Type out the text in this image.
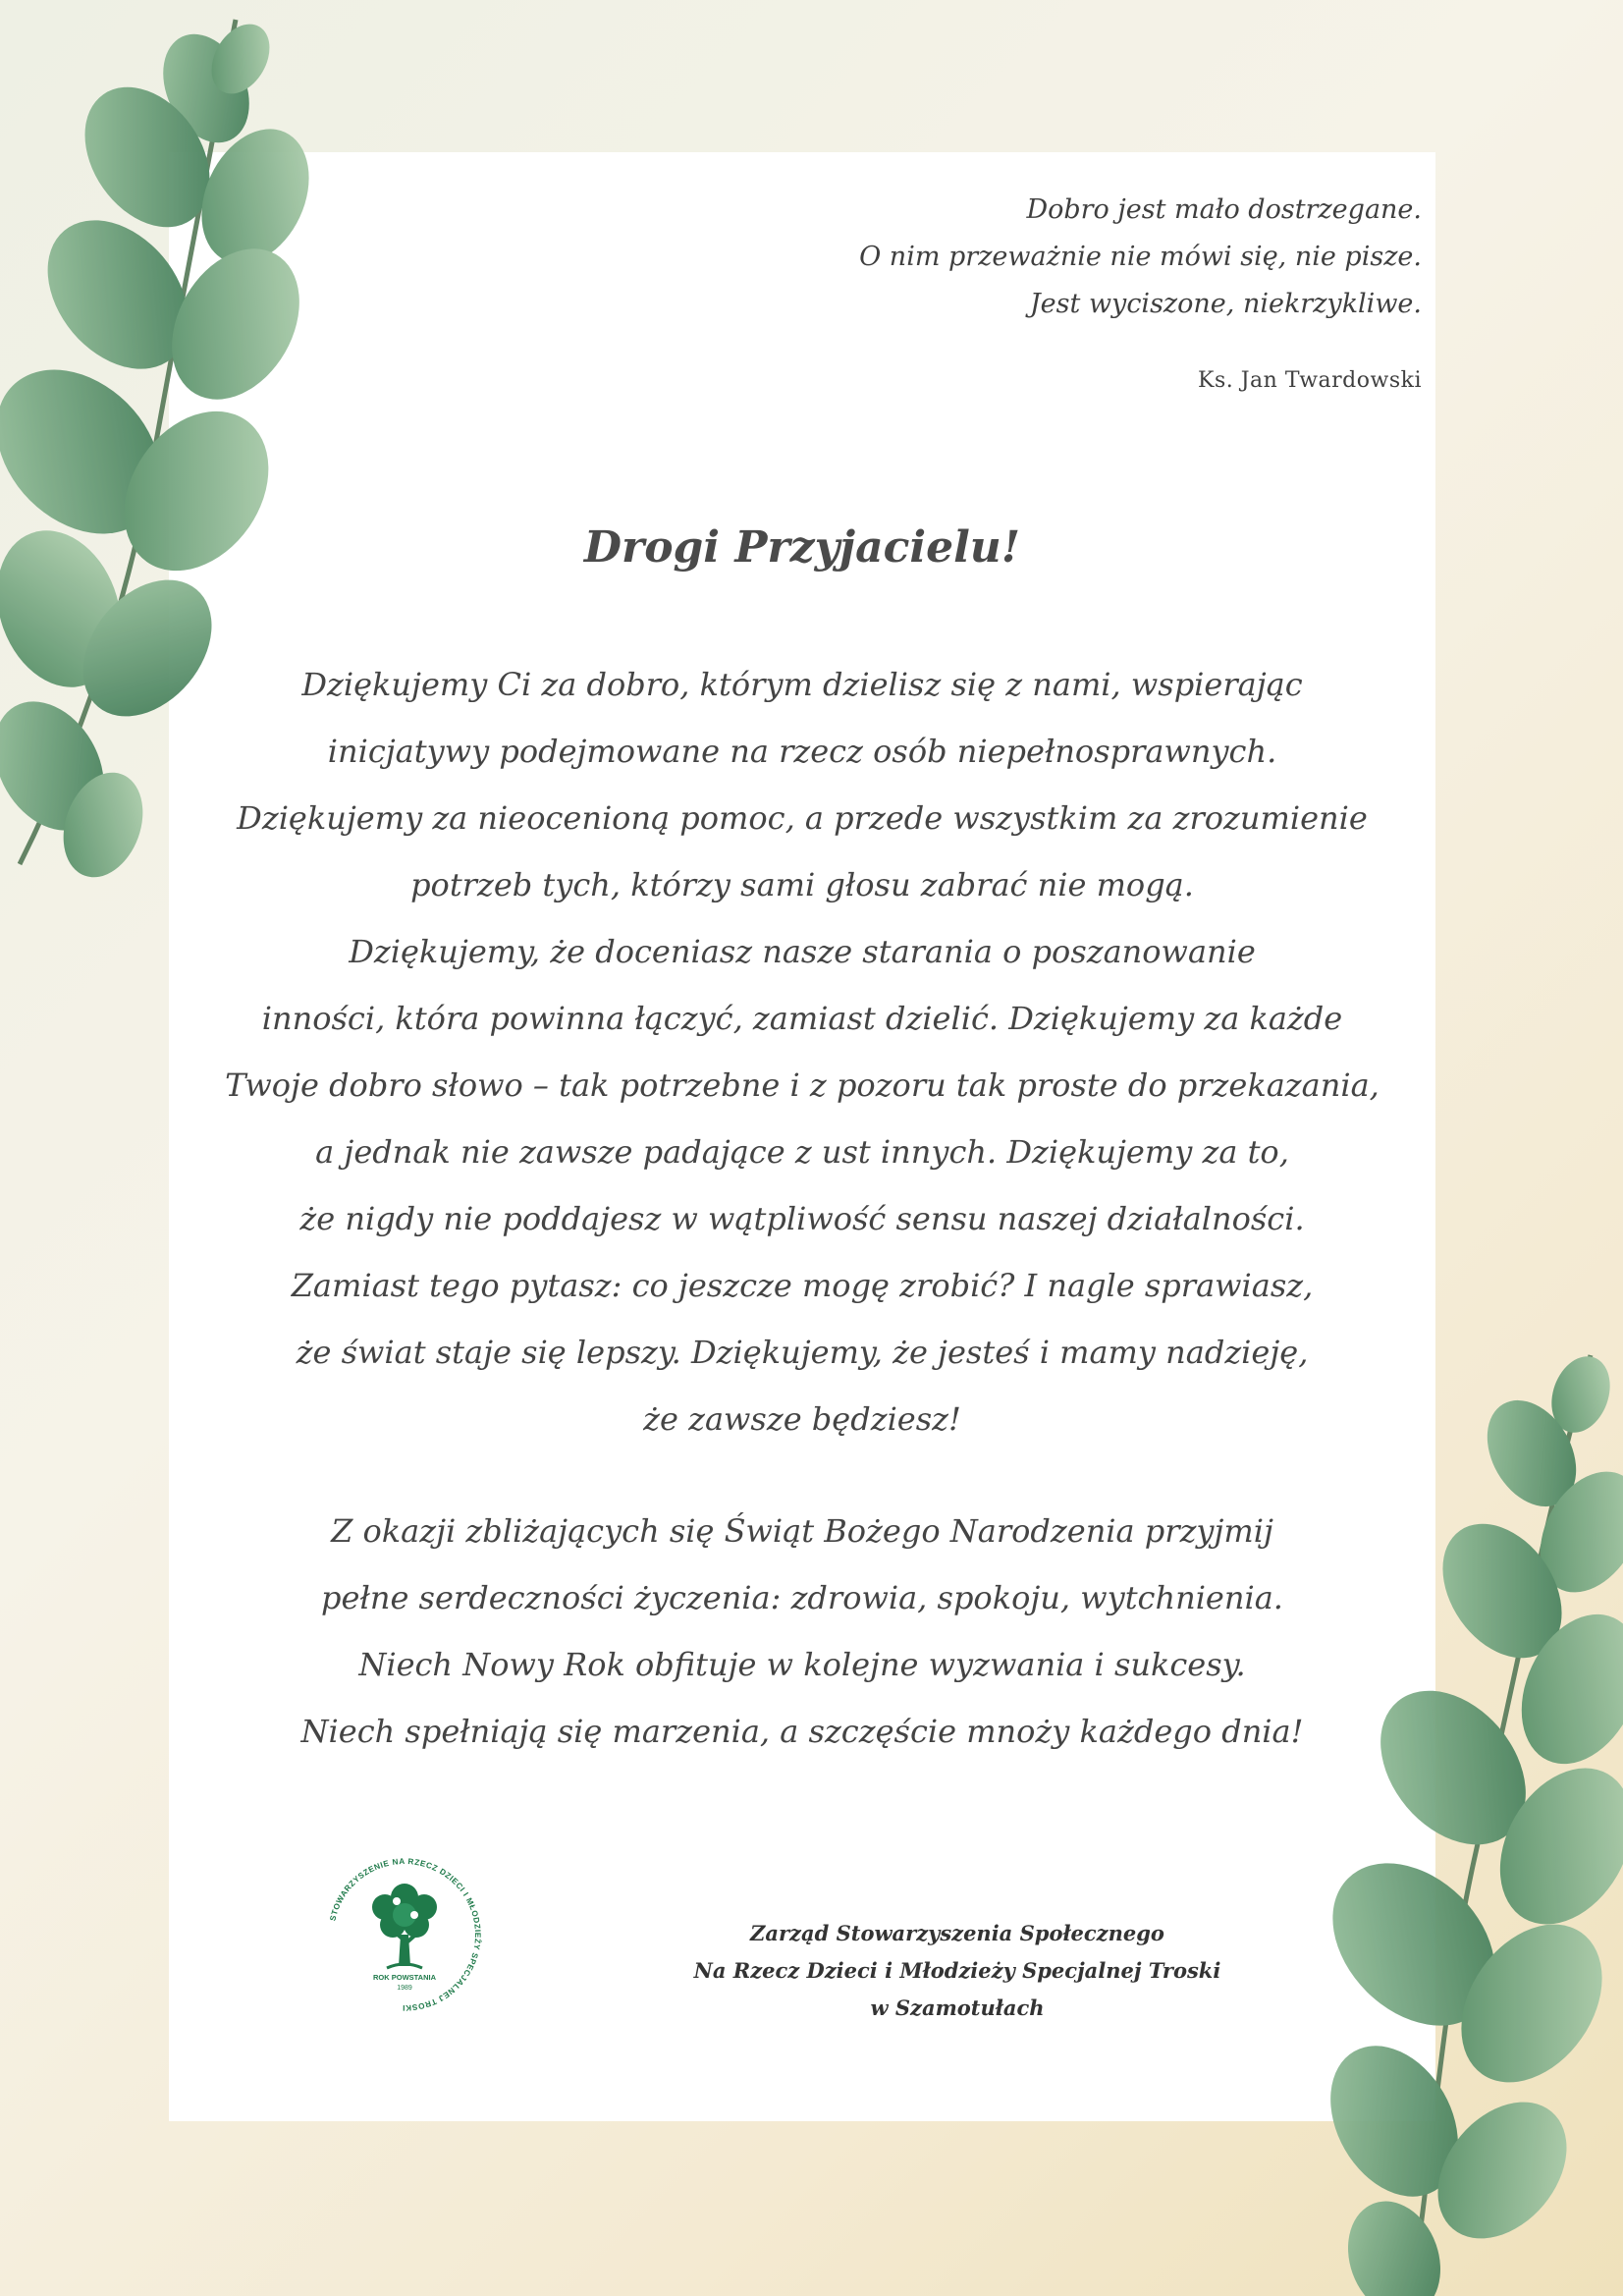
Dobro jest mało dostrzegane.
O nim przeważnie nie mówi się, nie pisze.
Jest wyciszone, niekrzykliwe.
Ks. Jan Twardowski
Drogi Przyjacielu!
Dziękujemy Ci za dobro, którym dzielisz się z nami, wspierając
inicjatywy podejmowane na rzecz osób niepełnosprawnych.
Dziękujemy za nieocenioną pomoc, a przede wszystkim za zrozumienie
potrzeb tych, którzy sami głosu zabrać nie mogą.
Dziękujemy, że doceniasz nasze starania o poszanowanie
inności, która powinna łączyć, zamiast dzielić. Dziękujemy za każde
Twoje dobro słowo – tak potrzebne i z pozoru tak proste do przekazania,
a jednak nie zawsze padające z ust innych. Dziękujemy za to,
że nigdy nie poddajesz w wątpliwość sensu naszej działalności.
Zamiast tego pytasz: co jeszcze mogę zrobić? I nagle sprawiasz,
że świat staje się lepszy. Dziękujemy, że jesteś i mamy nadzieję,
że zawsze będziesz!
Z okazji zbliżających się Świąt Bożego Narodzenia przyjmij
pełne serdeczności życzenia: zdrowia, spokoju, wytchnienia.
Niech Nowy Rok obfituje w kolejne wyzwania i sukcesy.
Niech spełniają się marzenia, a szczęście mnoży każdego dnia!
STOWARZYSZENIE NA RZECZ DZIECI I MŁODZIEŻY SPECJALNEJ TROSKI
ROK POWSTANIA
1989
Zarząd Stowarzyszenia Społecznego
Na Rzecz Dzieci i Młodzieży Specjalnej Troski
w Szamotułach
